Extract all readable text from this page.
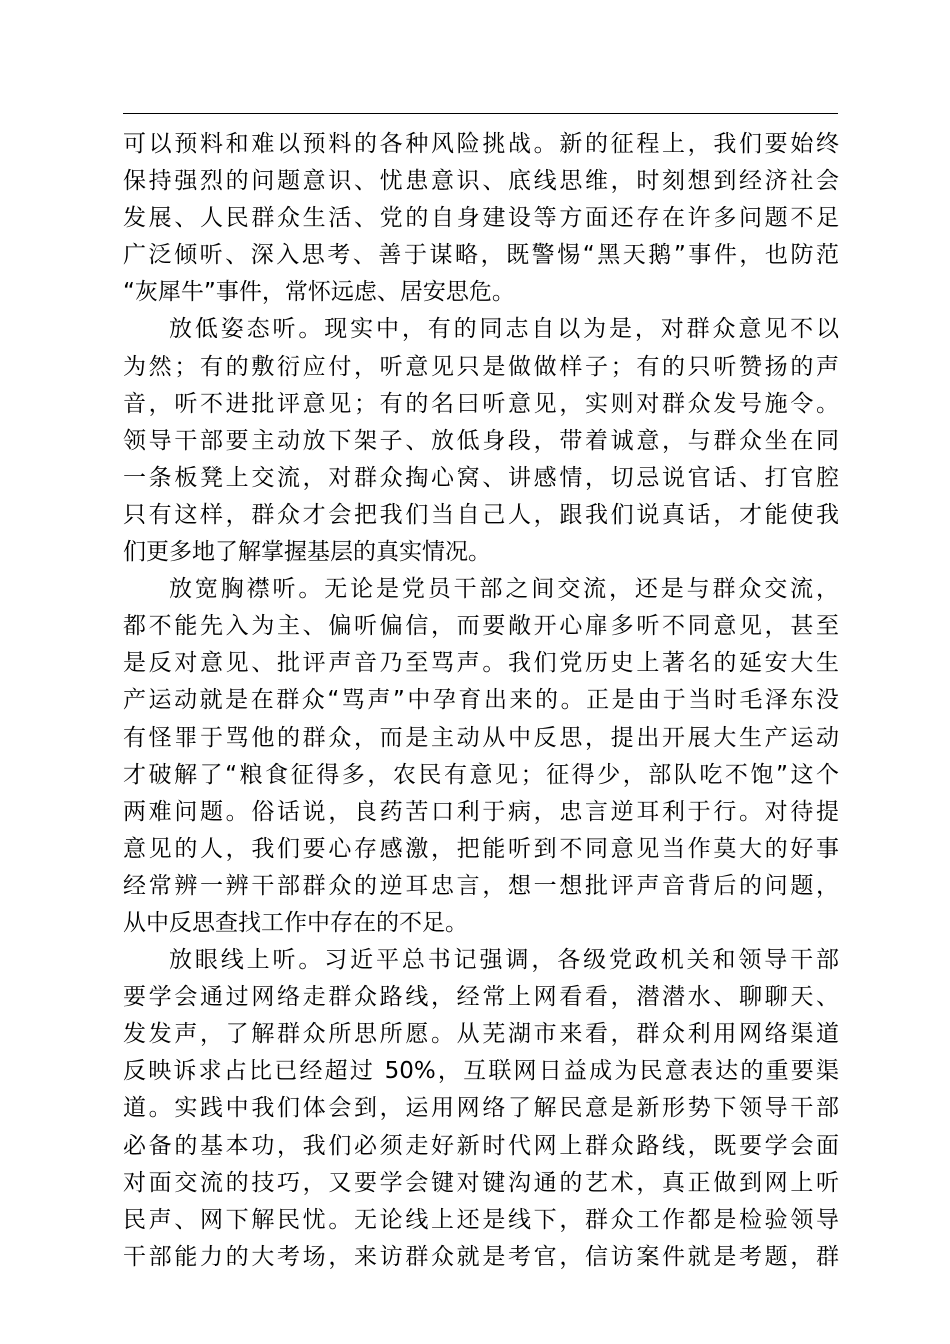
可以预料和难以预料的各种风险挑战。新的征程上，我们要始终
保持强烈的问题意识、忧患意识、底线思维，时刻想到经济社会
发展、人民群众生活、党的自身建设等方面还存在许多问题不足
广泛倾听、深入思考、善于谋略，既警惕“黑天鹅”事件，也防范
“灰犀牛”事件，常怀远虑、居安思危。
放低姿态听。现实中，有的同志自以为是，对群众意见不以
为然；有的敷衍应付，听意见只是做做样子；有的只听赞扬的声
音，听不进批评意见；有的名曰听意见，实则对群众发号施令。
领导干部要主动放下架子、放低身段，带着诚意，与群众坐在同
一条板凳上交流，对群众掏心窝、讲感情，切忌说官话、打官腔
只有这样，群众才会把我们当自己人，跟我们说真话，才能使我
们更多地了解掌握基层的真实情况。
放宽胸襟听。无论是党员干部之间交流，还是与群众交流，
都不能先入为主、偏听偏信，而要敞开心扉多听不同意见，甚至
是反对意见、批评声音乃至骂声。我们党历史上著名的延安大生
产运动就是在群众“骂声”中孕育出来的。正是由于当时毛泽东没
有怪罪于骂他的群众，而是主动从中反思，提出开展大生产运动
才破解了“粮食征得多，农民有意见；征得少，部队吃不饱”这个
两难问题。俗话说，良药苦口利于病，忠言逆耳利于行。对待提
意见的人，我们要心存感激，把能听到不同意见当作莫大的好事
经常辨一辨干部群众的逆耳忠言，想一想批评声音背后的问题，
从中反思查找工作中存在的不足。
放眼线上听。习近平总书记强调，各级党政机关和领导干部
要学会通过网络走群众路线，经常上网看看，潜潜水、聊聊天、
发发声，了解群众所思所愿。从芜湖市来看，群众利用网络渠道
反映诉求占比已经超过 50%，互联网日益成为民意表达的重要渠
道。实践中我们体会到，运用网络了解民意是新形势下领导干部
必备的基本功，我们必须走好新时代网上群众路线，既要学会面
对面交流的技巧，又要学会键对键沟通的艺术，真正做到网上听
民声、网下解民忧。无论线上还是线下，群众工作都是检验领导
干部能力的大考场，来访群众就是考官，信访案件就是考题，群
